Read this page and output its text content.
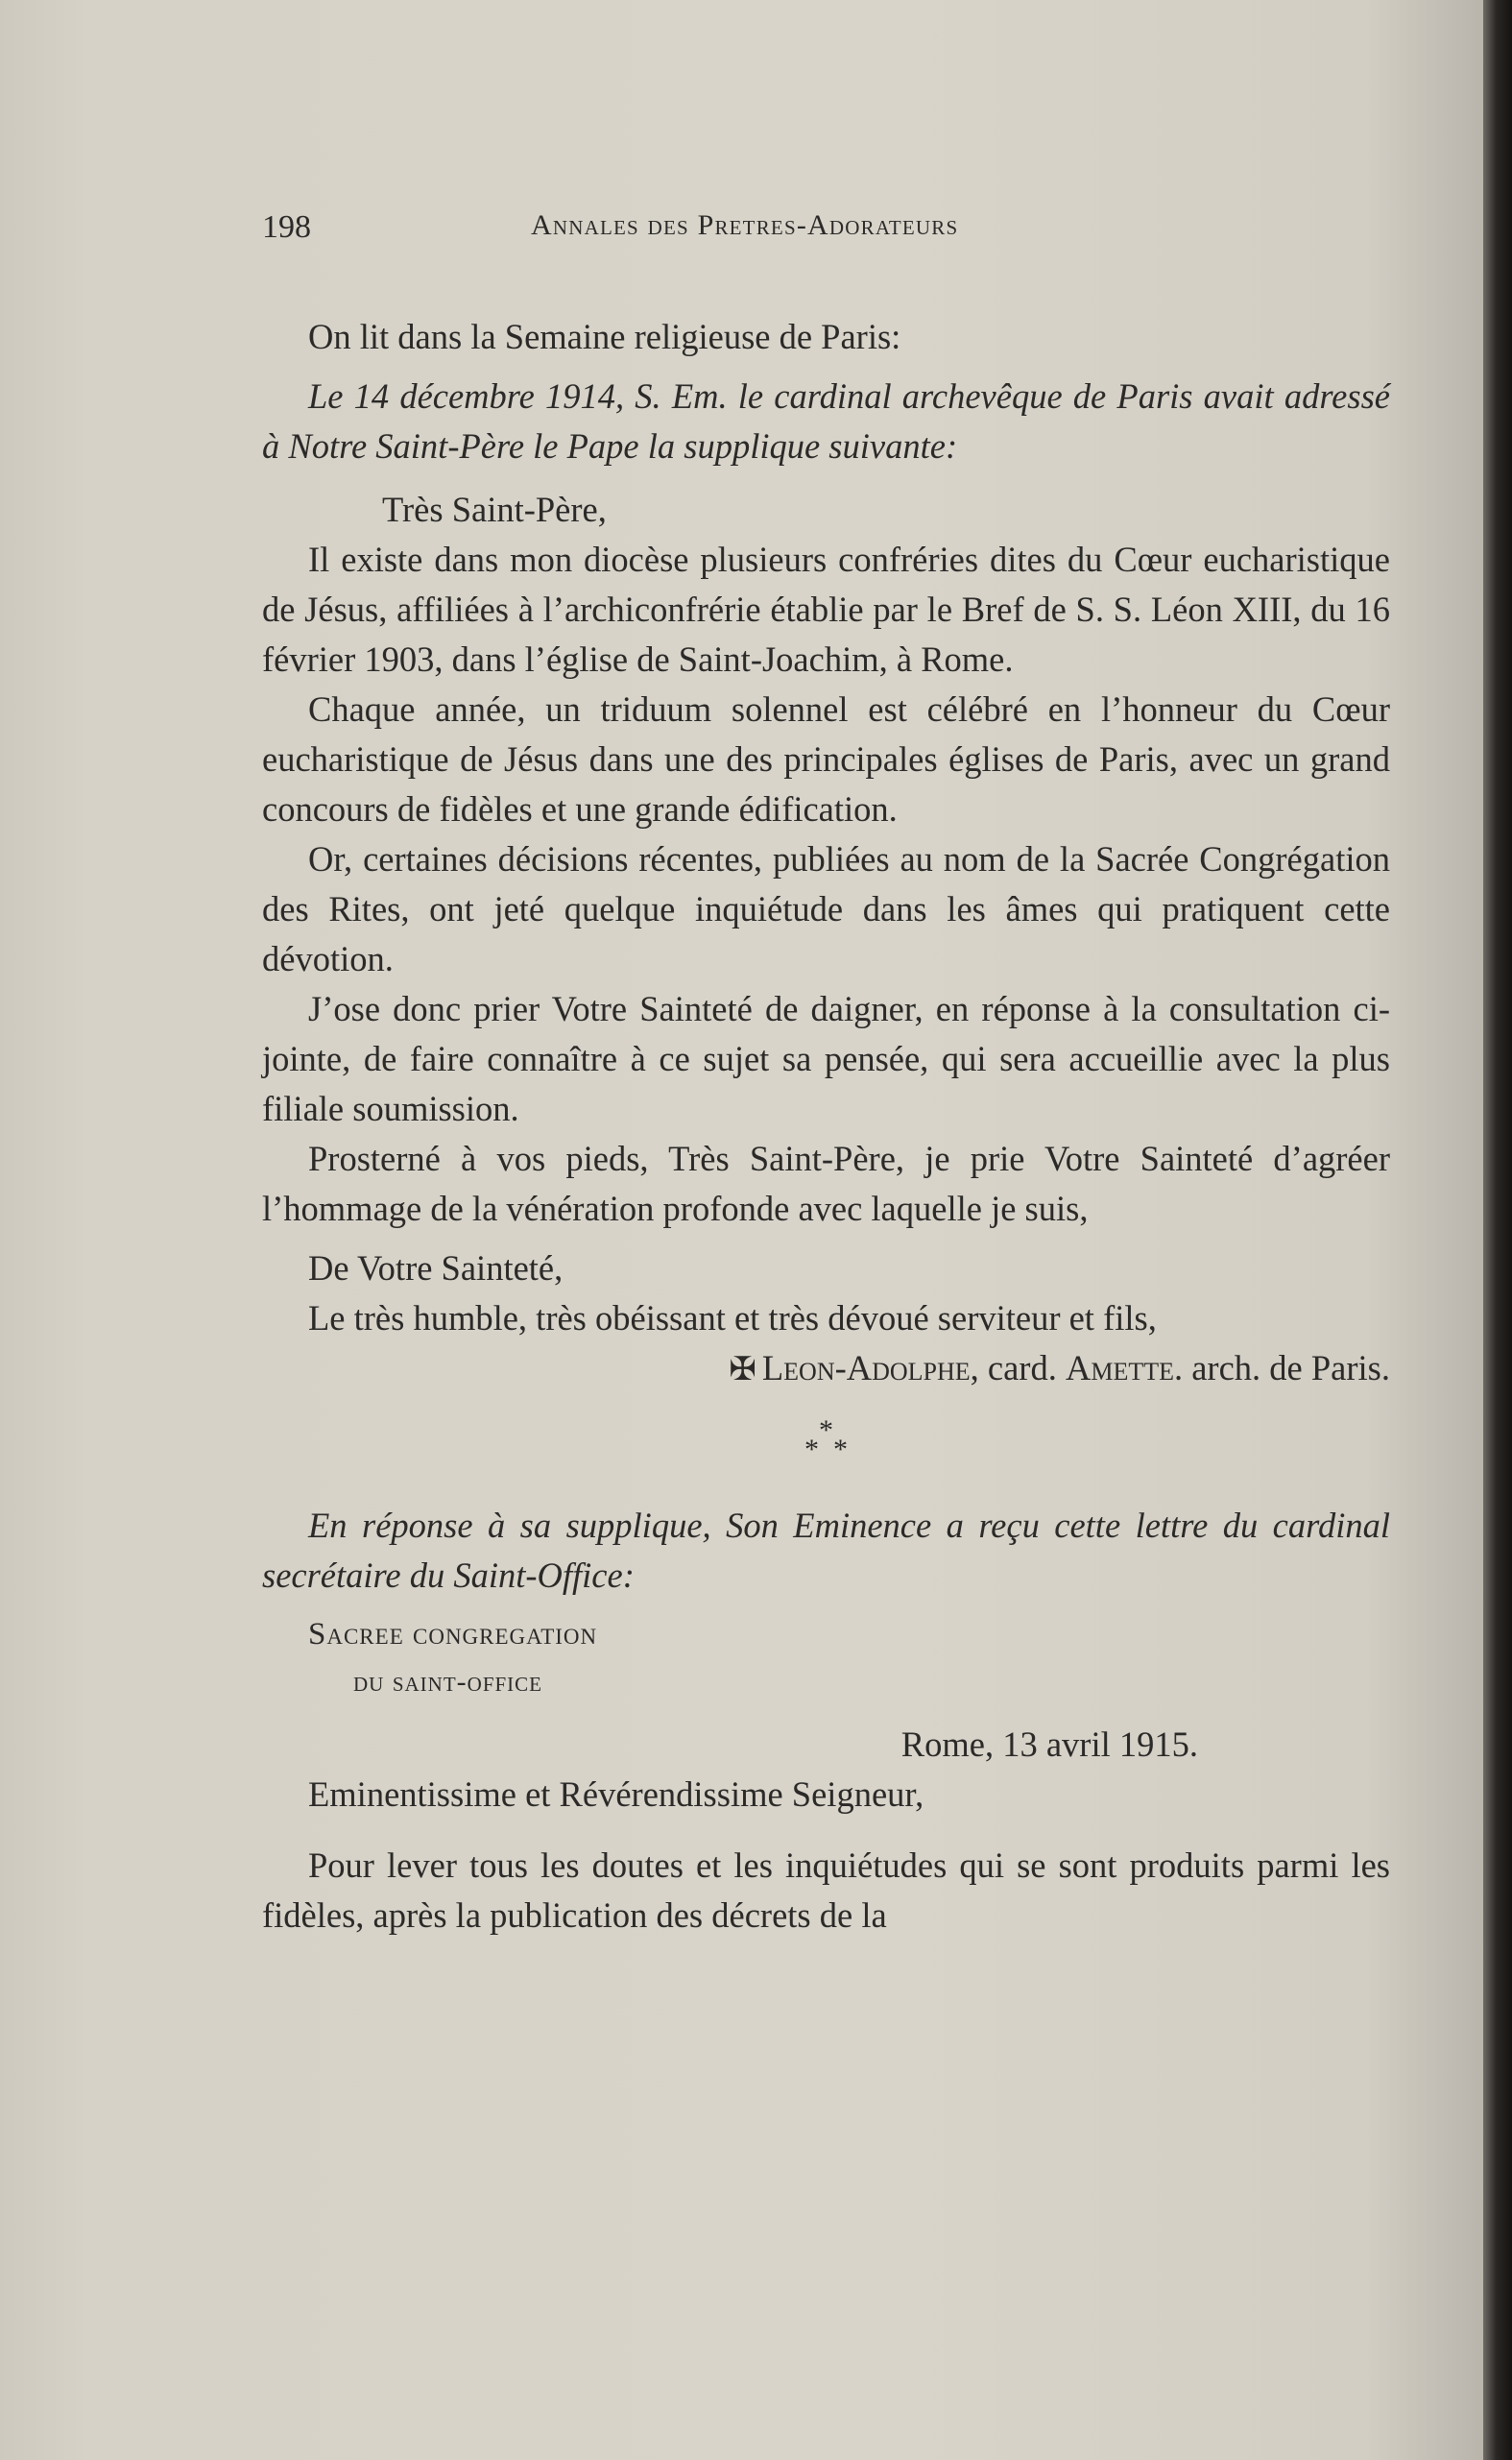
198	Annales des Pretres-Adorateurs

On lit dans la Semaine religieuse de Paris:

Le 14 décembre 1914, S. Em. le cardinal archevêque de Paris avait adressé à Notre Saint-Père le Pape la supplique suivante:

Très Saint-Père,

Il existe dans mon diocèse plusieurs confréries dites du Cœur eucharistique de Jésus, affiliées à l’archiconfrérie établie par le Bref de S. S. Léon XIII, du 16 février 1903, dans l’église de Saint-Joachim, à Rome.

Chaque année, un triduum solennel est célébré en l’honneur du Cœur eucharistique de Jésus dans une des principales églises de Paris, avec un grand concours de fidèles et une grande édification.

Or, certaines décisions récentes, publiées au nom de la Sacrée Congrégation des Rites, ont jeté quelque inquiétude dans les âmes qui pratiquent cette dévotion.

J’ose donc prier Votre Sainteté de daigner, en réponse à la consultation ci-jointe, de faire connaître à ce sujet sa pensée, qui sera accueillie avec la plus filiale soumission.

Prosterné à vos pieds, Très Saint-Père, je prie Votre Sainteté d’agréer l’hommage de la vénération profonde avec laquelle je suis,

De Votre Sainteté,

Le très humble, très obéissant et très dévoué serviteur et fils,

✠ Leon-Adolphe, card. Amette. arch. de Paris.

*
* *

En réponse à sa supplique, Son Eminence a reçu cette lettre du cardinal secrétaire du Saint-Office:

Sacree congregation

du saint-office

Rome, 13 avril 1915.

Eminentissime et Révérendissime Seigneur,

Pour lever tous les doutes et les inquiétudes qui se sont produits parmi les fidèles, après la publication des décrets de la
